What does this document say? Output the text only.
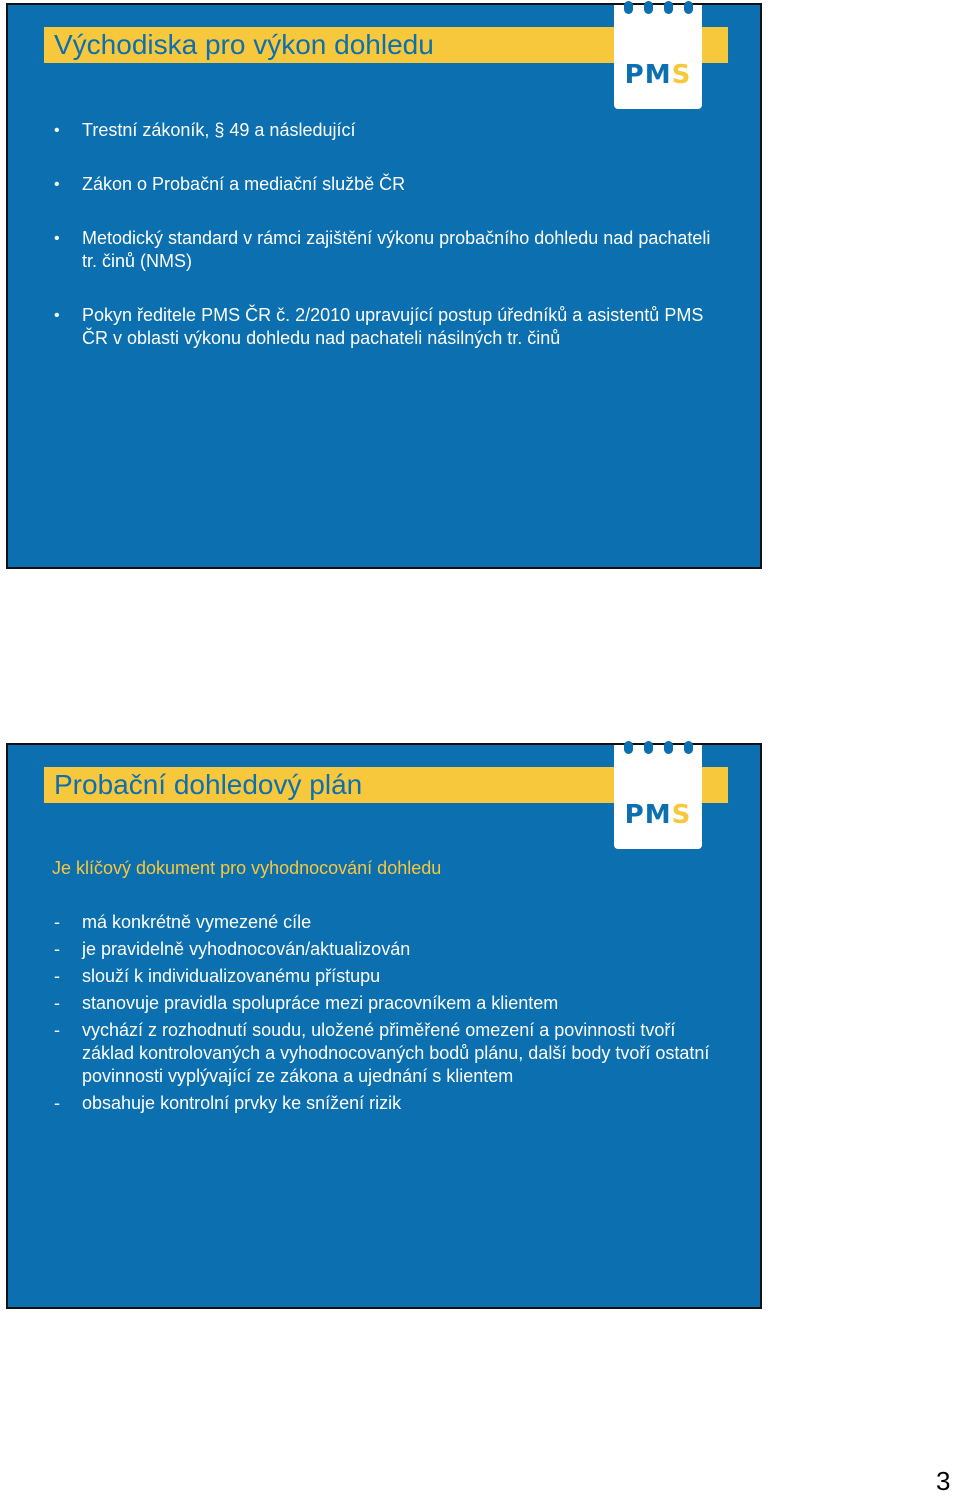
Východiska pro výkon dohledu
PMS
• Trestní zákoník, § 49 a následující
• Zákon o Probační a mediační službě ČR
• Metodický standard v rámci zajištění výkonu probačního dohledu nad pachateli tr. činů (NMS)
• Pokyn ředitele PMS ČR č. 2/2010 upravující postup úředníků a asistentů PMS ČR v oblasti výkonu dohledu nad pachateli násilných tr. činů
Probační dohledový plán
PMS
Je klíčový dokument pro vyhodnocování dohledu
- má konkrétně vymezené cíle
- je pravidelně vyhodnocován/aktualizován
- slouží k individualizovanému přístupu
- stanovuje pravidla spolupráce mezi pracovníkem a klientem
- vychází z rozhodnutí soudu, uložené přiměřené omezení a povinnosti tvoří základ kontrolovaných a vyhodnocovaných bodů plánu, další body tvoří ostatní povinnosti vyplývající ze zákona a ujednání s klientem
- obsahuje kontrolní prvky ke snížení rizik
3
